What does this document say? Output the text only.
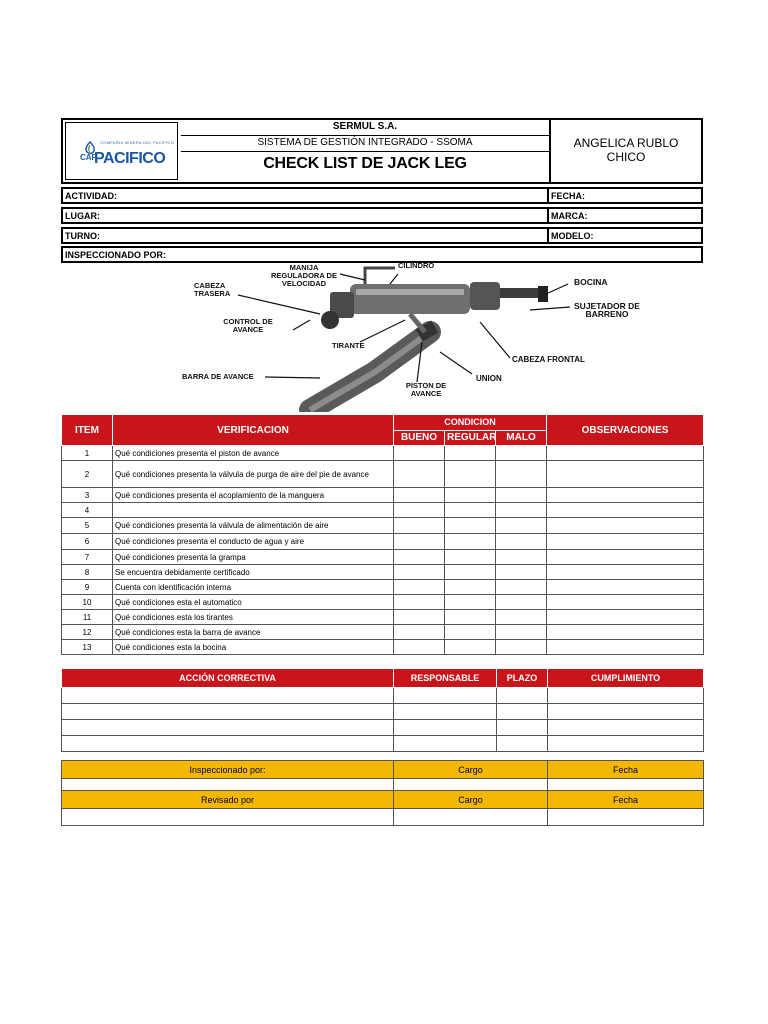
COMPAÑÍA MINERA DEL PACÍFICO
CAP
PACIFICO
SERMUL S.A.
SISTEMA DE GESTIÓN INTEGRADO - SSOMA
CHECK LIST DE JACK LEG
ANGELICA RUBLO
CHICO
ACTIVIDAD:	FECHA:
LUGAR:	MARCA:
TURNO:	MODELO:
INSPECCIONADO POR:
CILINDRO
MANIJA
REGULADORA DE
VELOCIDAD
CABEZA
TRASERA
BOCINA
SUJETADOR DE
BARRENO
CONTROL DE
AVANCE
TIRANTE
CABEZA FRONTAL
BARRA DE AVANCE	UNION
PISTON DE
AVANCE
ITEM	VERIFICACION	CONDICION			OBSERVACIONES
		BUENO	REGULAR	MALO	
1	Qué condiciones presenta el piston de avance				
2	Qué condiciones presenta la válvula de purga de aire del pie de avance				
3	Qué condiciones presenta el acoplamiento de la manguera				
4					
5	Qué condiciones presenta la válvula de alimentación de aire				
6	Qué condiciones presenta el conducto de agua y aire				
7	Qué condiciones presenta la grampa				
8	Se encuentra debidamente certificado				
9	Cuenta con identificación interna				
10	Qué condiciones esta el automatico				
11	Qué condiciones esta los tirantes				
12	Qué condiciones esta la barra de avance				
13	Qué condiciones esta la bocina				
ACCIÓN CORRECTIVA	RESPONSABLE	PLAZO	CUMPLIMIENTO

Inspeccionado por:	Cargo	Fecha

Revisado por	Cargo	Fecha
